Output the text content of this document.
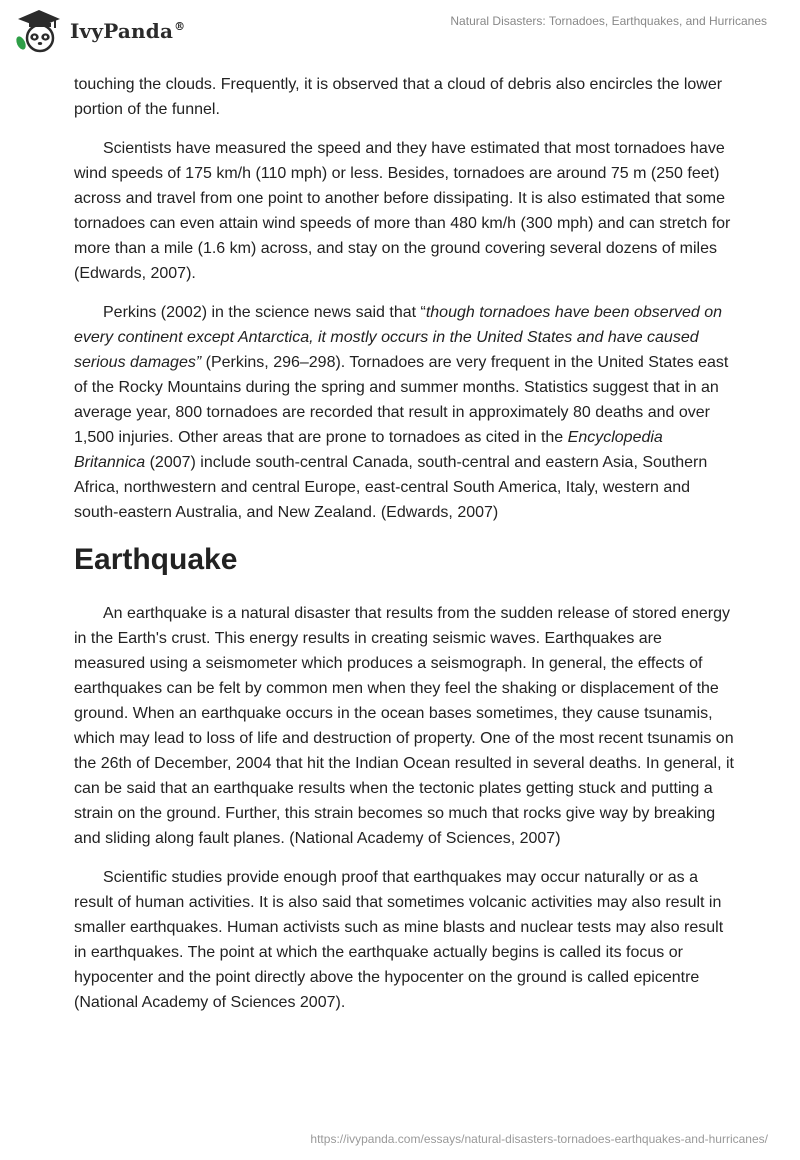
IvyPanda®	Natural Disasters: Tornadoes, Earthquakes, and Hurricanes

touching the clouds. Frequently, it is observed that a cloud of debris also encircles the lower portion of the funnel.

Scientists have measured the speed and they have estimated that most tornadoes have wind speeds of 175 km/h (110 mph) or less. Besides, tornadoes are around 75 m (250 feet) across and travel from one point to another before dissipating. It is also estimated that some tornadoes can even attain wind speeds of more than 480 km/h (300 mph) and can stretch for more than a mile (1.6 km) across, and stay on the ground covering several dozens of miles (Edwards, 2007).

Perkins (2002) in the science news said that “though tornadoes have been observed on every continent except Antarctica, it mostly occurs in the United States and have caused serious damages” (Perkins, 296–298). Tornadoes are very frequent in the United States east of the Rocky Mountains during the spring and summer months. Statistics suggest that in an average year, 800 tornadoes are recorded that result in approximately 80 deaths and over 1,500 injuries. Other areas that are prone to tornadoes as cited in the Encyclopedia Britannica (2007) include south-central Canada, south-central and eastern Asia, Southern Africa, northwestern and central Europe, east-central South America, Italy, western and south-eastern Australia, and New Zealand. (Edwards, 2007)

Earthquake

An earthquake is a natural disaster that results from the sudden release of stored energy in the Earth's crust. This energy results in creating seismic waves. Earthquakes are measured using a seismometer which produces a seismograph. In general, the effects of earthquakes can be felt by common men when they feel the shaking or displacement of the ground. When an earthquake occurs in the ocean bases sometimes, they cause tsunamis, which may lead to loss of life and destruction of property. One of the most recent tsunamis on the 26th of December, 2004 that hit the Indian Ocean resulted in several deaths. In general, it can be said that an earthquake results when the tectonic plates getting stuck and putting a strain on the ground. Further, this strain becomes so much that rocks give way by breaking and sliding along fault planes. (National Academy of Sciences, 2007)

Scientific studies provide enough proof that earthquakes may occur naturally or as a result of human activities. It is also said that sometimes volcanic activities may also result in smaller earthquakes. Human activists such as mine blasts and nuclear tests may also result in earthquakes. The point at which the earthquake actually begins is called its focus or hypocenter and the point directly above the hypocenter on the ground is called epicentre (National Academy of Sciences 2007).

https://ivypanda.com/essays/natural-disasters-tornadoes-earthquakes-and-hurricanes/
